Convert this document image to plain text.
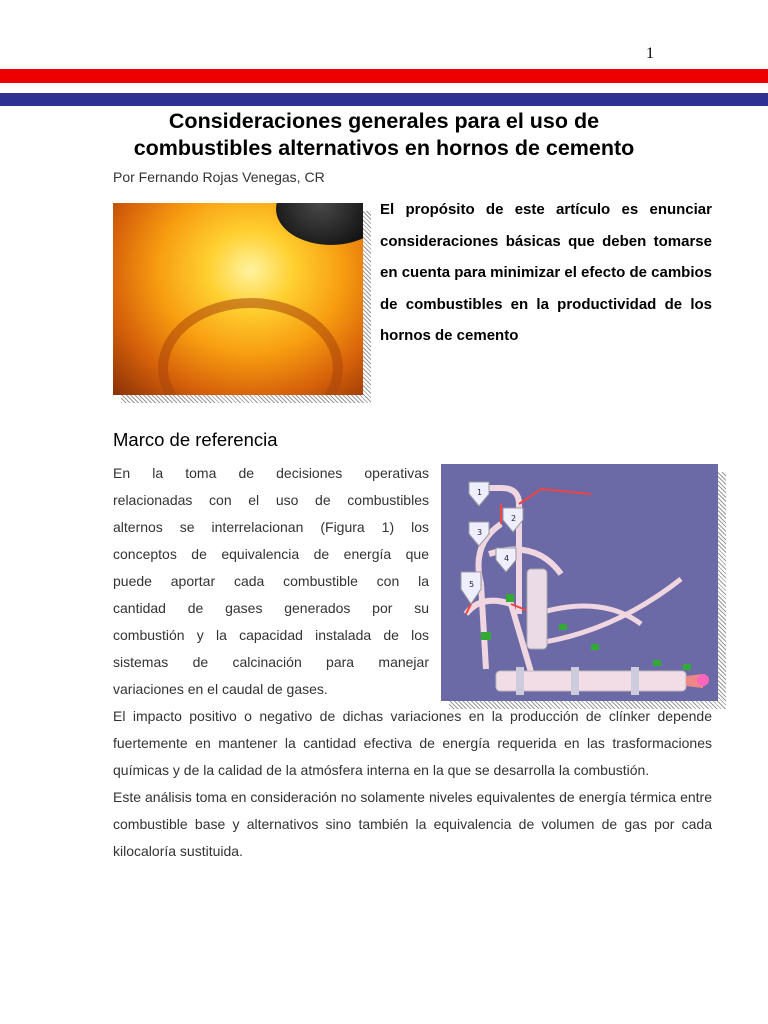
1
Consideraciones generales para el uso de
combustibles alternativos en hornos de cemento
Por Fernando Rojas Venegas, CR
El propósito de este artículo es enunciar consideraciones básicas que deben tomarse en cuenta para minimizar el efecto de cambios de combustibles en la productividad de los hornos de cemento
Marco de referencia
En la toma de decisiones operativas
relacionadas con el uso de combustibles
alternos se interrelacionan (Figura 1) los
conceptos de equivalencia de energía que
puede aportar cada combustible con la
cantidad de gases generados por su
combustión y la capacidad instalada de los
sistemas de calcinación para manejar
variaciones en el caudal de gases.
1
2
3
4
5
El impacto positivo o negativo de dichas variaciones en la producción de clínker depende fuertemente en mantener la cantidad efectiva de energía requerida en las trasformaciones químicas y de la calidad de la atmósfera interna en la que se desarrolla la combustión.
Este análisis toma en consideración no solamente niveles equivalentes de energía térmica entre combustible base y alternativos sino también la equivalencia de volumen de gas por cada kilocaloría sustituida.
